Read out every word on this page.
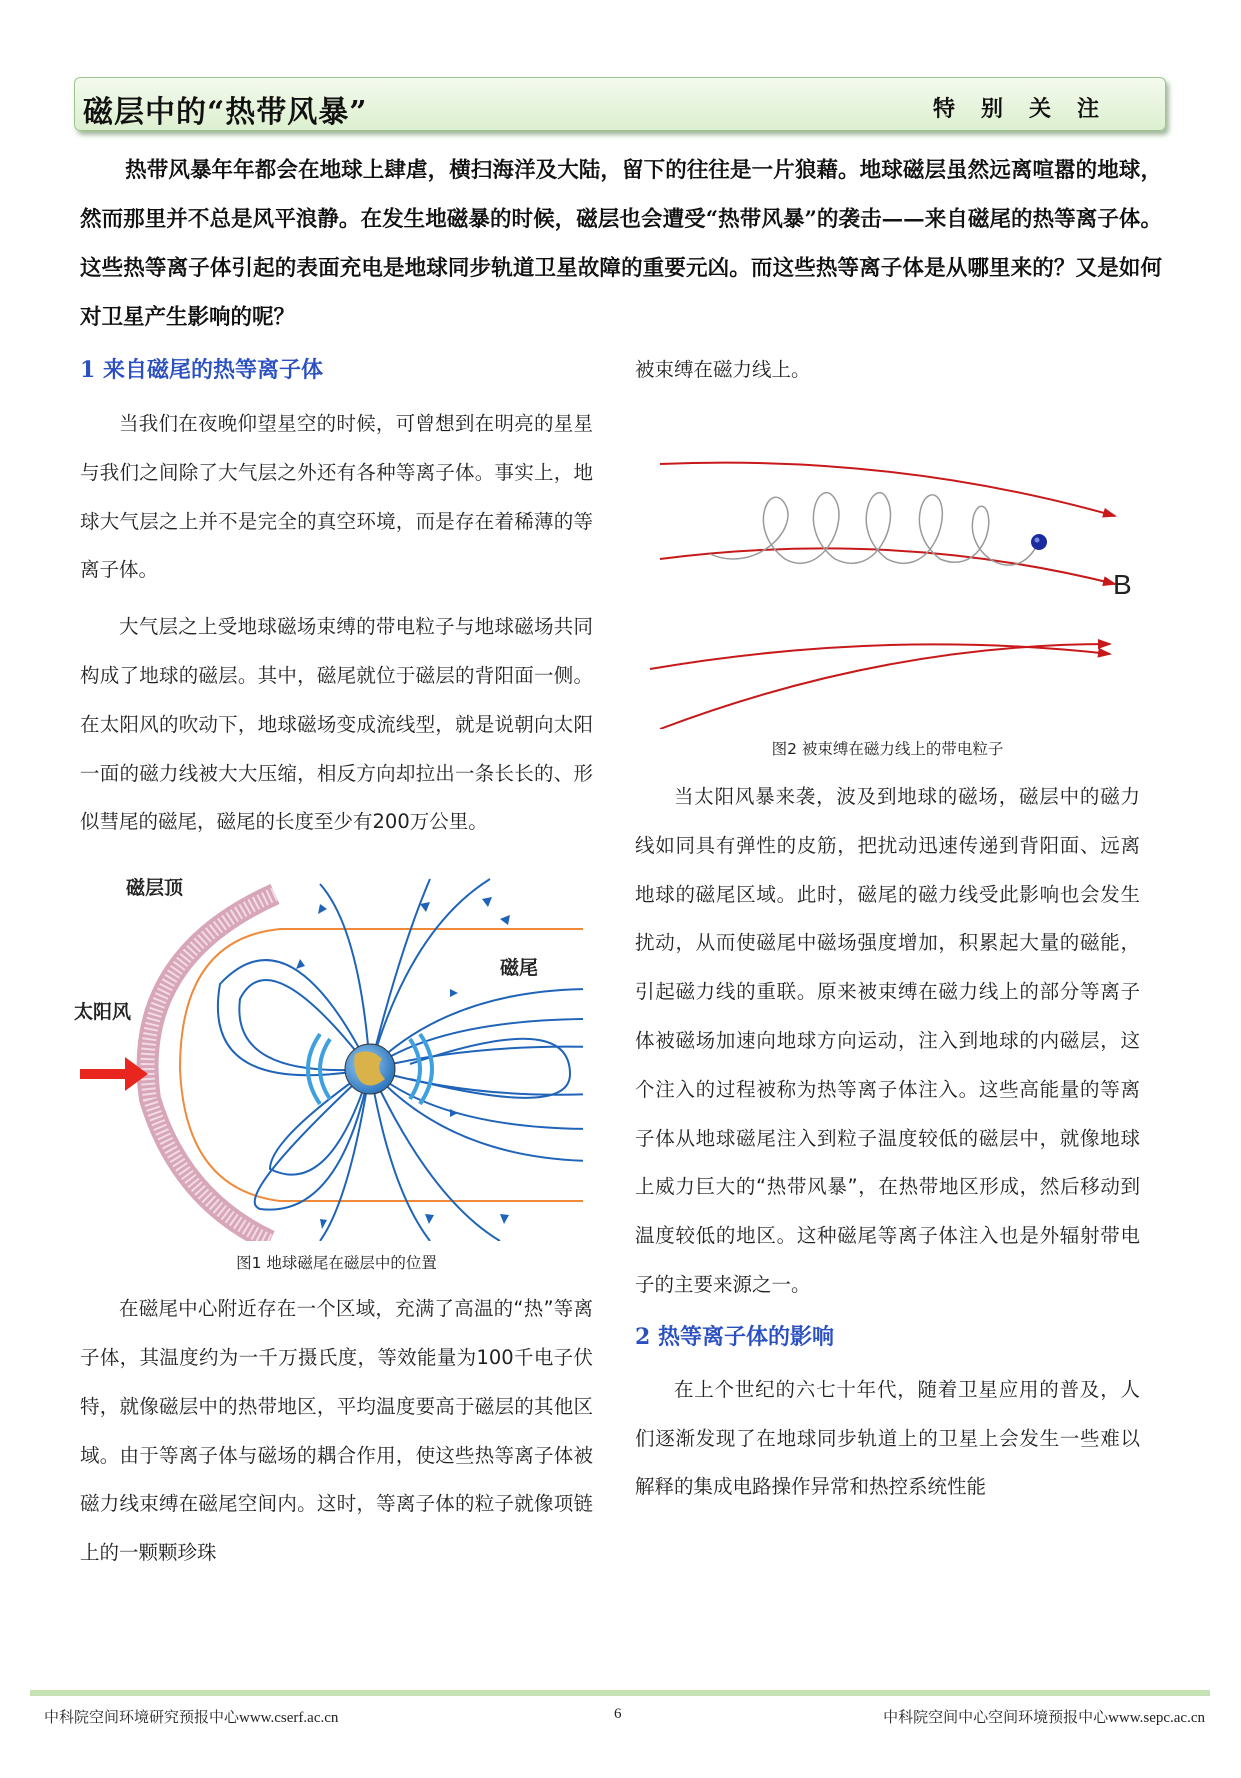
磁层中的“热带风暴”	特别关注

热带风暴年年都会在地球上肆虐，横扫海洋及大陆，留下的往往是一片狼藉。地球磁层虽然远离喧嚣的地球，然而那里并不总是风平浪静。在发生地磁暴的时候，磁层也会遭受“热带风暴”的袭击——来自磁尾的热等离子体。这些热等离子体引起的表面充电是地球同步轨道卫星故障的重要元凶。而这些热等离子体是从哪里来的？又是如何对卫星产生影响的呢？

1 来自磁尾的热等离子体

当我们在夜晚仰望星空的时候，可曾想到在明亮的星星与我们之间除了大气层之外还有各种等离子体。事实上，地球大气层之上并不是完全的真空环境，而是存在着稀薄的等离子体。

大气层之上受地球磁场束缚的带电粒子与地球磁场共同构成了地球的磁层。其中，磁尾就位于磁层的背阳面一侧。在太阳风的吹动下，地球磁场变成流线型，就是说朝向太阳一面的磁力线被大大压缩，相反方向却拉出一条长长的、形似彗尾的磁尾，磁尾的长度至少有200万公里。

磁层顶
太阳风
磁尾
图1 地球磁尾在磁层中的位置

在磁尾中心附近存在一个区域，充满了高温的“热”等离子体，其温度约为一千万摄氏度，等效能量为100千电子伏特，就像磁层中的热带地区，平均温度要高于磁层的其他区域。由于等离子体与磁场的耦合作用，使这些热等离子体被磁力线束缚在磁尾空间内。这时，等离子体的粒子就像项链上的一颗颗珍珠

被束缚在磁力线上。

B
图2 被束缚在磁力线上的带电粒子

当太阳风暴来袭，波及到地球的磁场，磁层中的磁力线如同具有弹性的皮筋，把扰动迅速传递到背阳面、远离地球的磁尾区域。此时，磁尾的磁力线受此影响也会发生扰动，从而使磁尾中磁场强度增加，积累起大量的磁能，引起磁力线的重联。原来被束缚在磁力线上的部分等离子体被磁场加速向地球方向运动，注入到地球的内磁层，这个注入的过程被称为热等离子体注入。这些高能量的等离子体从地球磁尾注入到粒子温度较低的磁层中，就像地球上威力巨大的“热带风暴”，在热带地区形成，然后移动到温度较低的地区。这种磁尾等离子体注入也是外辐射带电子的主要来源之一。

2 热等离子体的影响

在上个世纪的六七十年代，随着卫星应用的普及，人们逐渐发现了在地球同步轨道上的卫星上会发生一些难以解释的集成电路操作异常和热控系统性能

中科院空间环境研究预报中心www.cserf.ac.cn	6	中科院空间中心空间环境预报中心www.sepc.ac.cn
